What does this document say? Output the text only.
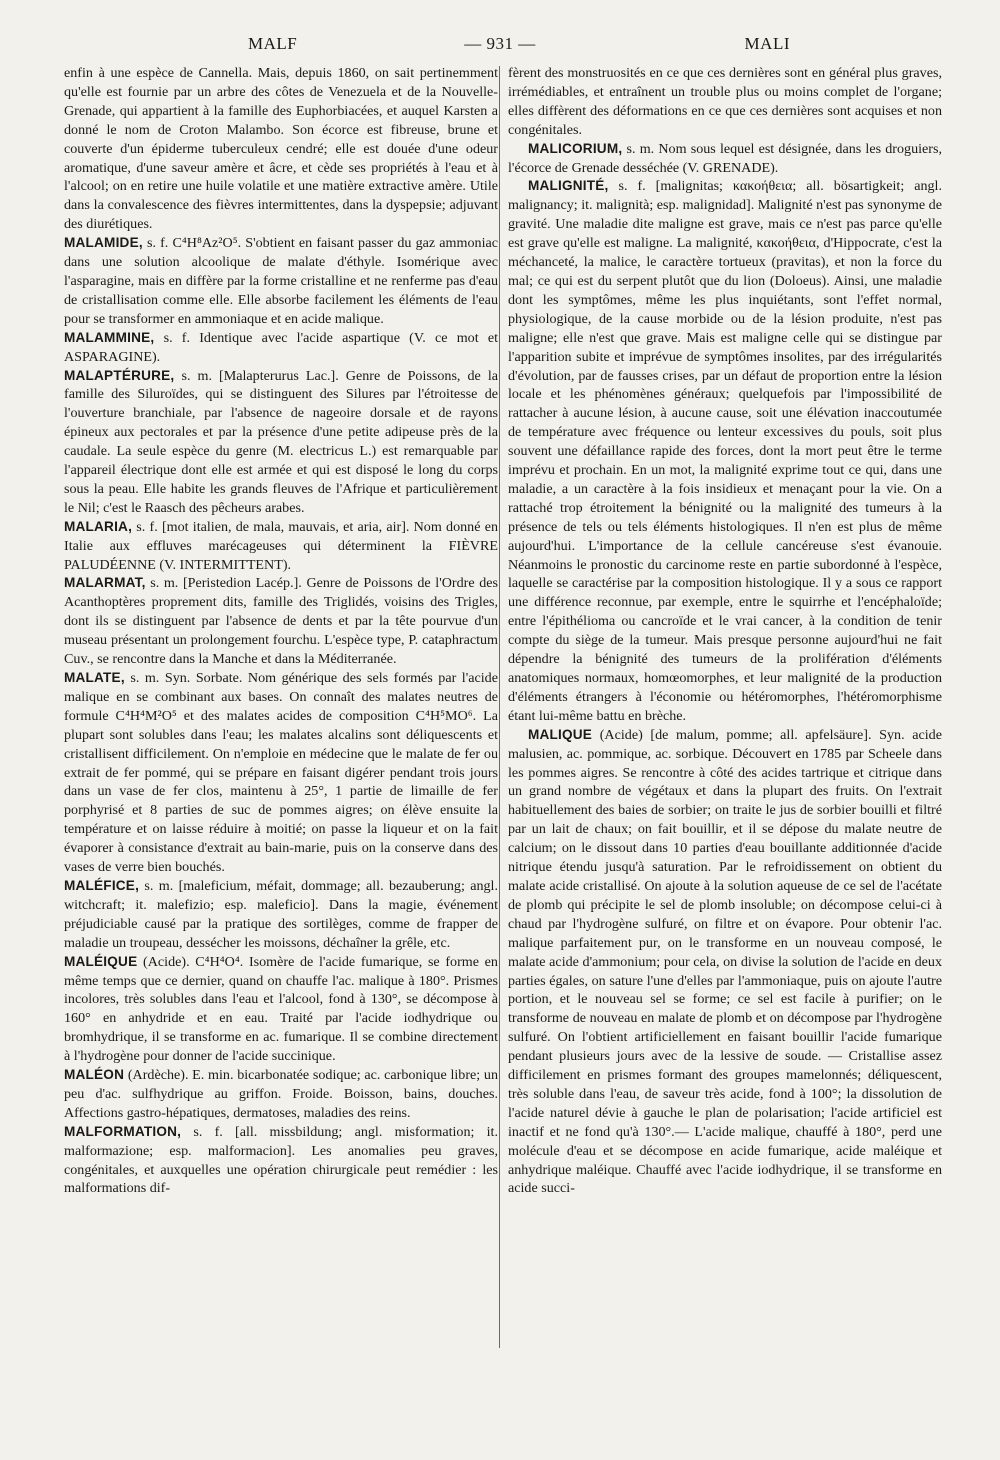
MALF	— 931 —	MALI

enfin à une espèce de Cannella. Mais, depuis 1860, on sait pertinemment qu'elle est fournie par un arbre des côtes de Venezuela et de la Nouvelle-Grenade, qui appartient à la famille des Euphorbiacées, et auquel Karsten a donné le nom de Croton Malambo. Son écorce est fibreuse, brune et couverte d'un épiderme tuberculeux cendré; elle est douée d'une odeur aromatique, d'une saveur amère et âcre, et cède ses propriétés à l'eau et à l'alcool; on en retire une huile volatile et une matière extractive amère. Utile dans la convalescence des fièvres intermittentes, dans la dyspepsie; adjuvant des diurétiques.

MALAMIDE, s. f. C⁴H⁸Az²O⁵. S'obtient en faisant passer du gaz ammoniac dans une solution alcoolique de malate d'éthyle. Isomérique avec l'asparagine, mais en diffère par la forme cristalline et ne renferme pas d'eau de cristallisation comme elle. Elle absorbe facilement les éléments de l'eau pour se transformer en ammoniaque et en acide malique.

MALAMMINE, s. f. Identique avec l'acide aspartique (V. ce mot et ASPARAGINE).

MALAPTÉRURE, s. m. [Malapterurus Lac.]. Genre de Poissons, de la famille des Siluroïdes, qui se distinguent des Silures par l'étroitesse de l'ouverture branchiale, par l'absence de nageoire dorsale et de rayons épineux aux pectorales et par la présence d'une petite adipeuse près de la caudale. La seule espèce du genre (M. electricus L.) est remarquable par l'appareil électrique dont elle est armée et qui est disposé le long du corps sous la peau. Elle habite les grands fleuves de l'Afrique et particulièrement le Nil; c'est le Raasch des pêcheurs arabes.

MALARIA, s. f. [mot italien, de mala, mauvais, et aria, air]. Nom donné en Italie aux effluves marécageuses qui déterminent la FIÈVRE PALUDÉENNE (V. INTERMITTENT).

MALARMAT, s. m. [Peristedion Lacép.]. Genre de Poissons de l'Ordre des Acanthoptères proprement dits, famille des Triglidés, voisins des Trigles, dont ils se distinguent par l'absence de dents et par la tête pourvue d'un museau présentant un prolongement fourchu. L'espèce type, P. cataphractum Cuv., se rencontre dans la Manche et dans la Méditerranée.

MALATE, s. m. Syn. Sorbate. Nom générique des sels formés par l'acide malique en se combinant aux bases. On connaît des malates neutres de formule C⁴H⁴M²O⁵ et des malates acides de composition C⁴H⁵MO⁶. La plupart sont solubles dans l'eau; les malates alcalins sont déliquescents et cristallisent difficilement. On n'emploie en médecine que le malate de fer ou extrait de fer pommé, qui se prépare en faisant digérer pendant trois jours dans un vase de fer clos, maintenu à 25°, 1 partie de limaille de fer porphyrisé et 8 parties de suc de pommes aigres; on élève ensuite la température et on laisse réduire à moitié; on passe la liqueur et on la fait évaporer à consistance d'extrait au bain-marie, puis on la conserve dans des vases de verre bien bouchés.

MALÉFICE, s. m. [maleficium, méfait, dommage; all. bezauberung; angl. witchcraft; it. malefizio; esp. maleficio]. Dans la magie, événement préjudiciable causé par la pratique des sortilèges, comme de frapper de maladie un troupeau, dessécher les moissons, déchaîner la grêle, etc.

MALÉIQUE (Acide). C⁴H⁴O⁴. Isomère de l'acide fumarique, se forme en même temps que ce dernier, quand on chauffe l'ac. malique à 180°. Prismes incolores, très solubles dans l'eau et l'alcool, fond à 130°, se décompose à 160° en anhydride et en eau. Traité par l'acide iodhydrique ou bromhydrique, il se transforme en ac. fumarique. Il se combine directement à l'hydrogène pour donner de l'acide succinique.

MALÉON (Ardèche). E. min. bicarbonatée sodique; ac. carbonique libre; un peu d'ac. sulfhydrique au griffon. Froide. Boisson, bains, douches. Affections gastro-hépatiques, dermatoses, maladies des reins.

MALFORMATION, s. f. [all. missbildung; angl. misformation; it. malformazione; esp. malformacion]. Les anomalies peu graves, congénitales, et auxquelles une opération chirurgicale peut remédier : les malformations dif-

fèrent des monstruosités en ce que ces dernières sont en général plus graves, irrémédiables, et entraînent un trouble plus ou moins complet de l'organe; elles diffèrent des déformations en ce que ces dernières sont acquises et non congénitales.

MALICORIUM, s. m. Nom sous lequel est désignée, dans les droguiers, l'écorce de Grenade desséchée (V. GRENADE).

MALIGNITÉ, s. f. [malignitas; κακοήθεια; all. bösartigkeit; angl. malignancy; it. malignità; esp. malignidad]. Malignité n'est pas synonyme de gravité. Une maladie dite maligne est grave, mais ce n'est pas parce qu'elle est grave qu'elle est maligne. La malignité, κακοήθεια, d'Hippocrate, c'est la méchanceté, la malice, le caractère tortueux (pravitas), et non la force du mal; ce qui est du serpent plutôt que du lion (Doloeus). Ainsi, une maladie dont les symptômes, même les plus inquiétants, sont l'effet normal, physiologique, de la cause morbide ou de la lésion produite, n'est pas maligne; elle n'est que grave. Mais est maligne celle qui se distingue par l'apparition subite et imprévue de symptômes insolites, par des irrégularités d'évolution, par de fausses crises, par un défaut de proportion entre la lésion locale et les phénomènes généraux; quelquefois par l'impossibilité de rattacher à aucune lésion, à aucune cause, soit une élévation inaccoutumée de température avec fréquence ou lenteur excessives du pouls, soit plus souvent une défaillance rapide des forces, dont la mort peut être le terme imprévu et prochain. En un mot, la malignité exprime tout ce qui, dans une maladie, a un caractère à la fois insidieux et menaçant pour la vie. On a rattaché trop étroitement la bénignité ou la malignité des tumeurs à la présence de tels ou tels éléments histologiques. Il n'en est plus de même aujourd'hui. L'importance de la cellule cancéreuse s'est évanouie. Néanmoins le pronostic du carcinome reste en partie subordonné à l'espèce, laquelle se caractérise par la composition histologique. Il y a sous ce rapport une différence reconnue, par exemple, entre le squirrhe et l'encéphaloïde; entre l'épithélioma ou cancroïde et le vrai cancer, à la condition de tenir compte du siège de la tumeur. Mais presque personne aujourd'hui ne fait dépendre la bénignité des tumeurs de la prolifération d'éléments anatomiques normaux, homœomorphes, et leur malignité de la production d'éléments étrangers à l'économie ou hétéromorphes, l'hétéromorphisme étant lui-même battu en brèche.

MALIQUE (Acide) [de malum, pomme; all. apfelsäure]. Syn. acide malusien, ac. pommique, ac. sorbique. Découvert en 1785 par Scheele dans les pommes aigres. Se rencontre à côté des acides tartrique et citrique dans un grand nombre de végétaux et dans la plupart des fruits. On l'extrait habituellement des baies de sorbier; on traite le jus de sorbier bouilli et filtré par un lait de chaux; on fait bouillir, et il se dépose du malate neutre de calcium; on le dissout dans 10 parties d'eau bouillante additionnée d'acide nitrique étendu jusqu'à saturation. Par le refroidissement on obtient du malate acide cristallisé. On ajoute à la solution aqueuse de ce sel de l'acétate de plomb qui précipite le sel de plomb insoluble; on décompose celui-ci à chaud par l'hydrogène sulfuré, on filtre et on évapore. Pour obtenir l'ac. malique parfaitement pur, on le transforme en un nouveau composé, le malate acide d'ammonium; pour cela, on divise la solution de l'acide en deux parties égales, on sature l'une d'elles par l'ammoniaque, puis on ajoute l'autre portion, et le nouveau sel se forme; ce sel est facile à purifier; on le transforme de nouveau en malate de plomb et on décompose par l'hydrogène sulfuré. On l'obtient artificiellement en faisant bouillir l'acide fumarique pendant plusieurs jours avec de la lessive de soude. — Cristallise assez difficilement en prismes formant des groupes mamelonnés; déliquescent, très soluble dans l'eau, de saveur très acide, fond à 100°; la dissolution de l'acide naturel dévie à gauche le plan de polarisation; l'acide artificiel est inactif et ne fond qu'à 130°.— L'acide malique, chauffé à 180°, perd une molécule d'eau et se décompose en acide fumarique, acide maléique et anhydrique maléique. Chauffé avec l'acide iodhydrique, il se transforme en acide succi-
